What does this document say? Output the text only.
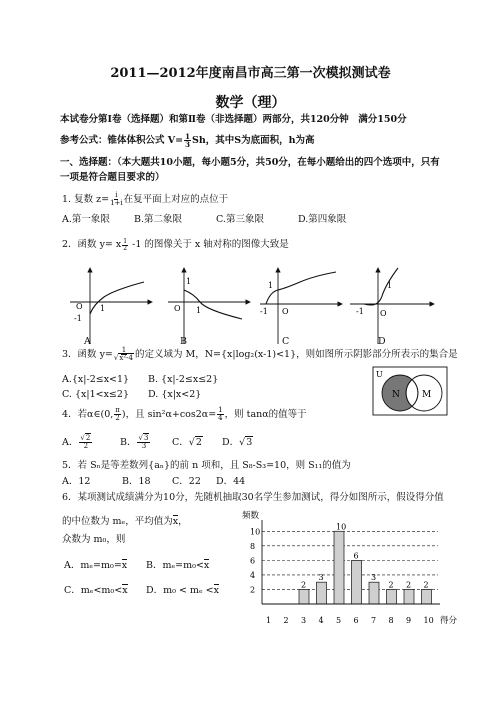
2011—2012年度南昌市高三第一次模拟测试卷
数学（理）
本试卷分第Ⅰ卷（选择题）和第Ⅱ卷（非选择题）两部分，共120分钟　满分150分
参考公式：锥体体积公式 $V= \frac{1}{3}$ Sh，其中S为底面积，h为高
一、选择题：（本大题共10小题，每小题5分，共50分，在每小题给出的四个选项中，只有
一项是符合题目要求的）
1. 复数 $z= \frac{i}{1+i}$ 在复平面上对应的点位于
A.第一象限	B.第二象限	C.第三象限	D.第四象限
2．函数 y= x $^{\frac{1}{2}}$ -1 的图像关于 x 轴对称的图像大致是
O 1
-1
1
O 1
1
-1 O
1
-1 O
A	B	C	D
3．函数 $y= \frac{1}{\text{√x²-4}}$ 的定义域为 M，N={x|log₂(x-1)<1}，则如图所示阴影部分所表示的集合是
A.{x|-2≤x<1} B. {x|-2≤x≤2}
C. {x|1<x≤2} D. {x|x<2}
U
N M
4．若α∈(0, $\frac{\pi}{2}$ )，且 $\sin^2\alpha+\cos 2\alpha= \frac{1}{4}$ ，则 tanα的值等于
A． $\frac{√2}{2}$	B． $\frac{√3}{3}$ C．√2 D．√3
5．若 Sₙ是等差数列{aₙ}的前 n 项和，且 S₈-S₃=10，则 S₁₁的值为
A．12	B．18 C．22 D．44
6．某项测试成绩满分为10分，先随机抽取30名学生参加测试，得分如图所示，假设得分值
的中位数为 mₑ，平均值为x，
众数为 m₀，则
A．mₑ=m₀=x B．mₑ=m₀<x
C．mₑ<m₀<x D．m₀ < mₑ <x
频数
得分
2
4
6
8
10
1 2 3 4 5 6 7 8 9 10
2
3
10
6
3
2 2 2
